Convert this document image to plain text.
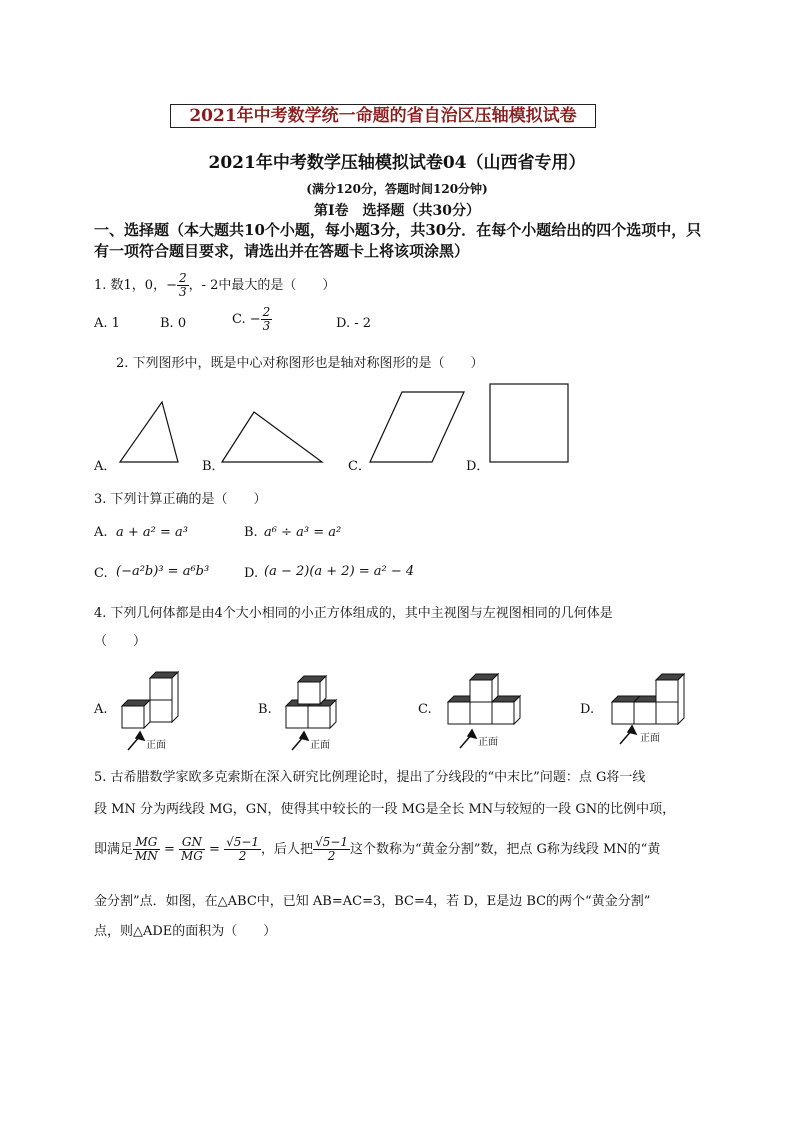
2021年中考数学统一命题的省自治区压轴模拟试卷
2021年中考数学压轴模拟试卷04（山西省专用）
(满分120分，答题时间120分钟)
第Ⅰ卷　选择题（共30分）
一、选择题（本大题共10个小题，每小题3分，共30分．在每个小题给出的四个选项中，只有一项符合题目要求，请选出并在答题卡上将该项涂黑）
1. 数1，0，− $\frac{2}{3}$ ，- 2中最大的是（　　）
A. 1	B. 0	C. − $\frac{2}{3}$	D. - 2
2. 下列图形中，既是中心对称图形也是轴对称图形的是（　　）
A．	B．	C．	D．
3. 下列计算正确的是（　　）
A. a + a² = a³	B. a⁶ ÷ a³ = a²
C. (−a²b)³ = a⁶b³	D. (a − 2)(a + 2) = a² − 4
4. 下列几何体都是由4个大小相同的小正方体组成的，其中主视图与左视图相同的几何体是
（　　）
A.	B.	C.	D.
正面	正面	正面	正面
5. 古希腊数学家欧多克索斯在深入研究比例理论时，提出了分线段的“中末比”问题：点 G将一线
段 MN 分为两线段 MG，GN，使得其中较长的一段 MG是全长 MN与较短的一段 GN的比例中项，
即满足 $\frac{MG}{MN} = \frac{GN}{MG} = \frac{√5-1}{2}$ ，后人把 $\frac{√5-1}{2}$ 这个数称为“黄金分割”数，把点 G称为线段 MN的“黄
金分割”点．如图，在△ABC中，已知 AB=AC=3，BC=4，若 D，E是边 BC的两个“黄金分割”
点，则△ADE的面积为（　　）
